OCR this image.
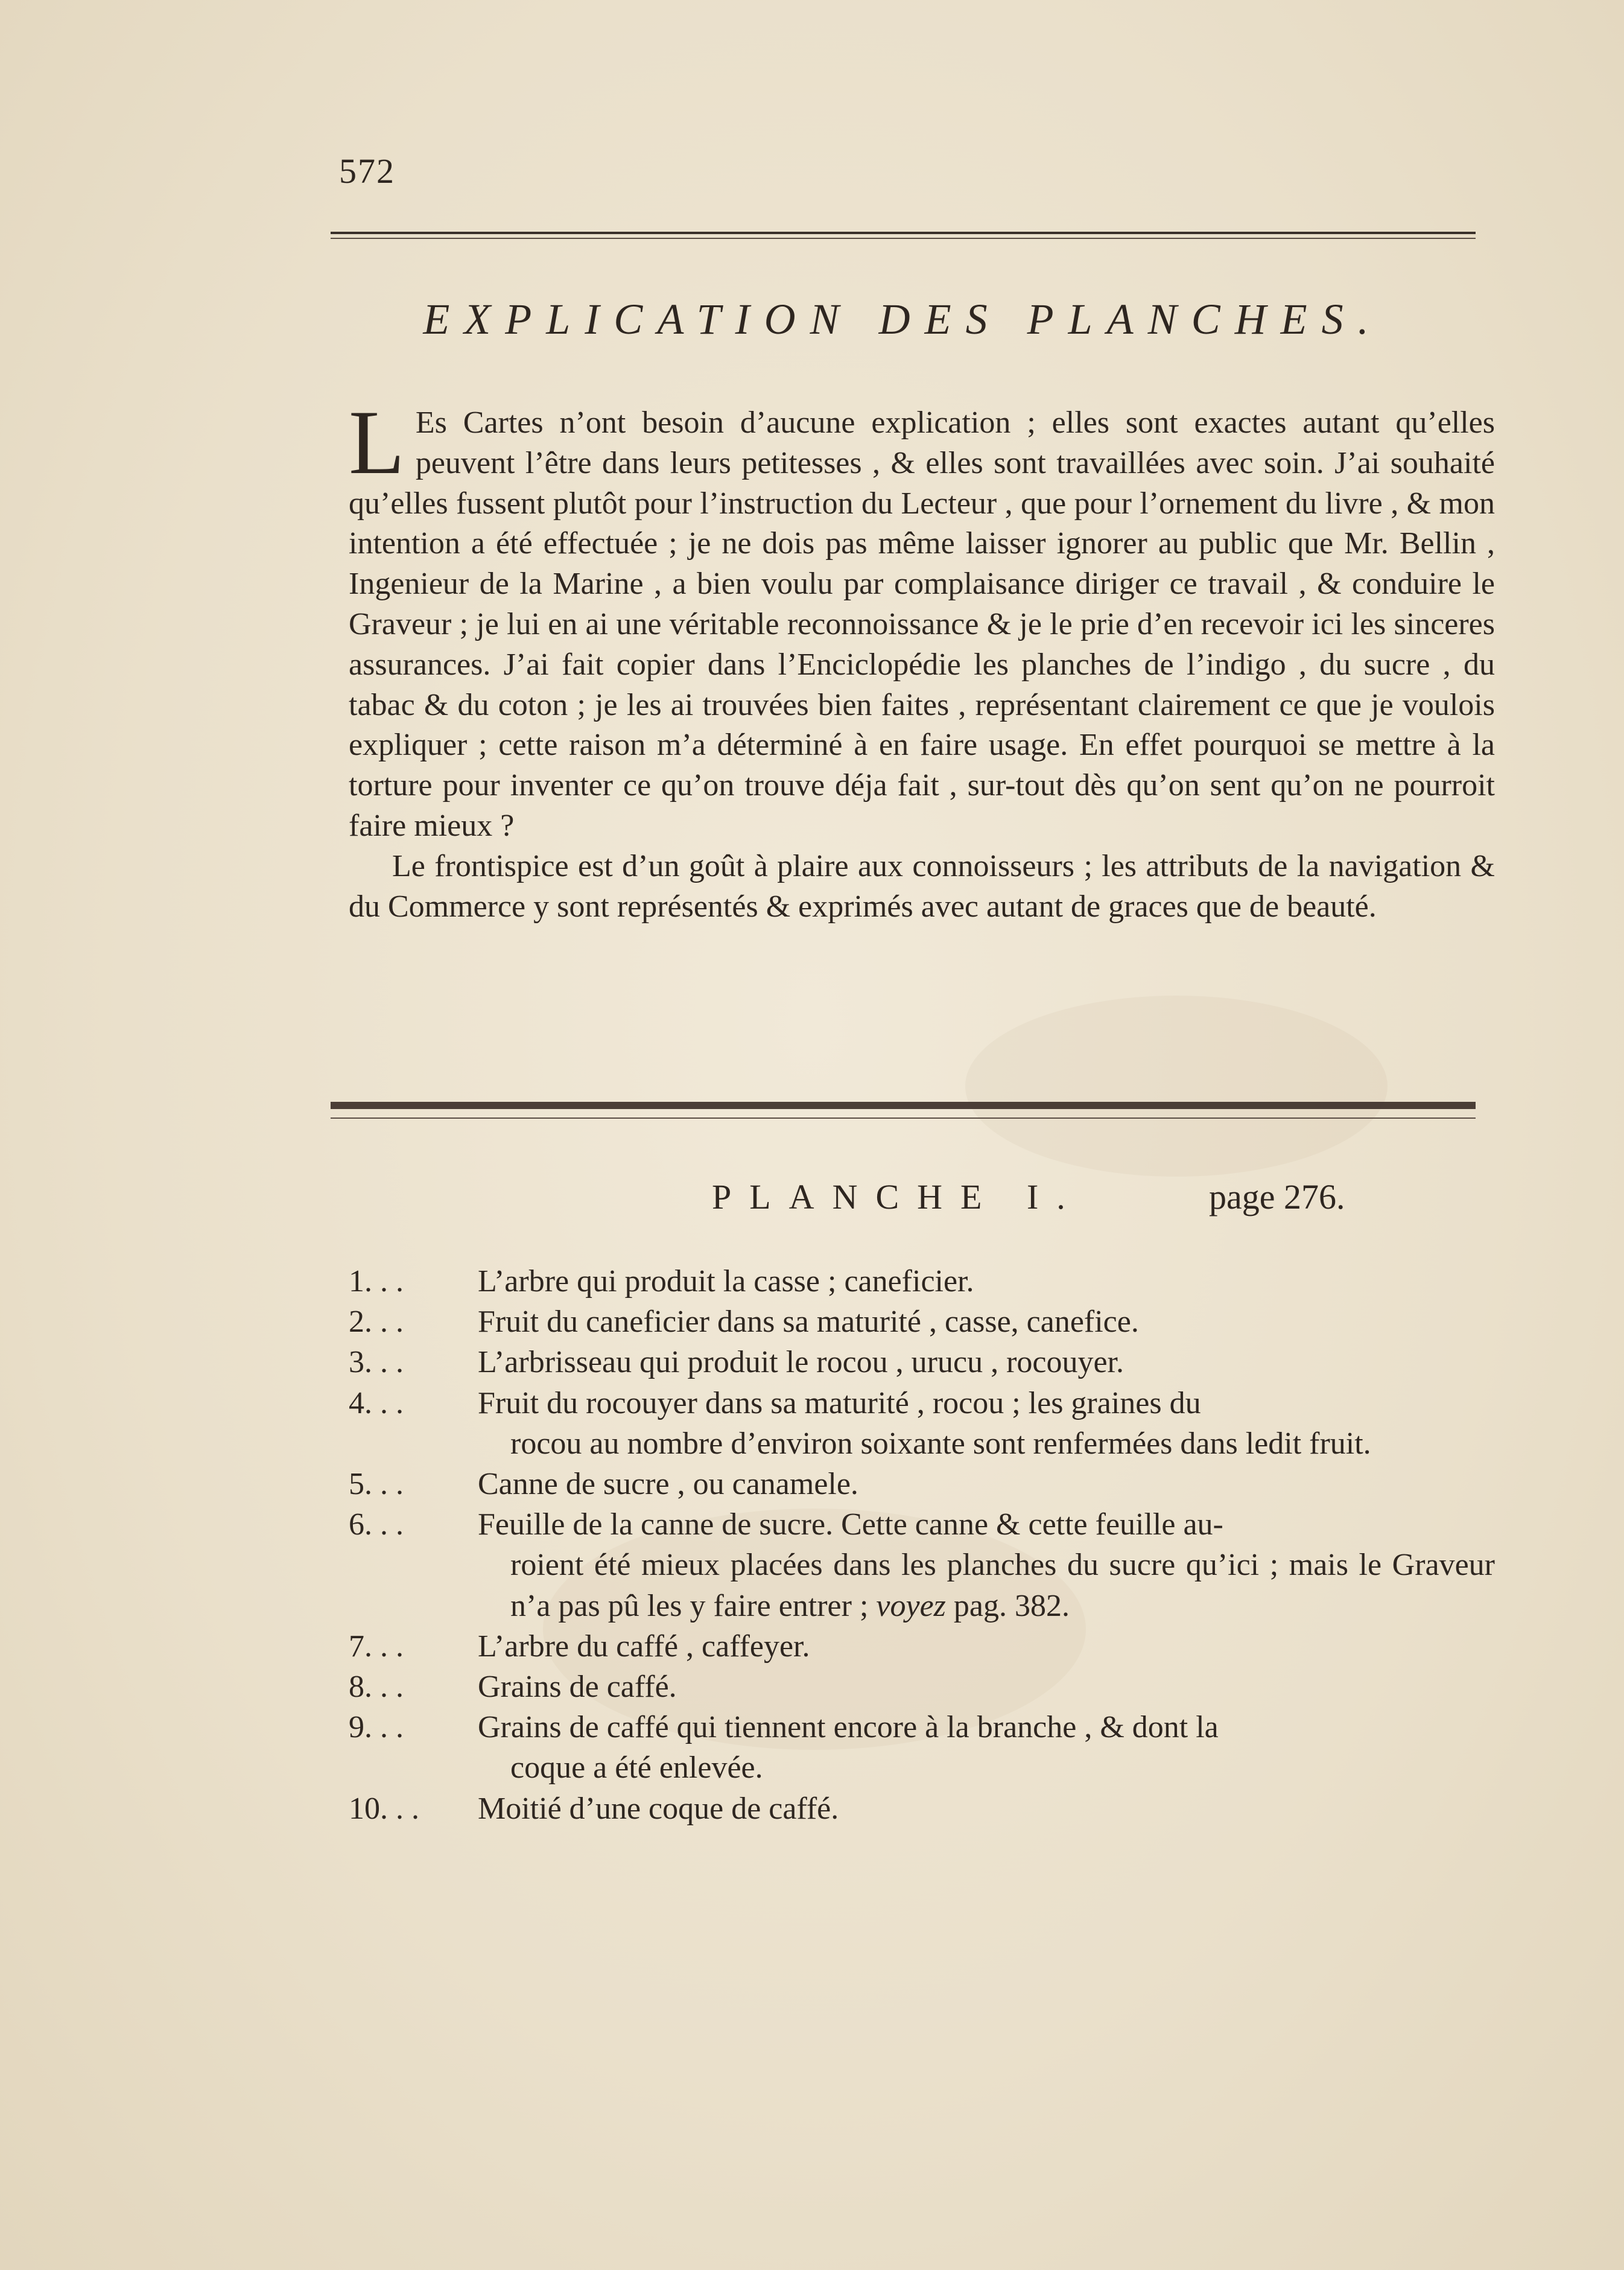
572
EXPLICATION DES PLANCHES.

L Es Cartes n’ont besoin d’aucune explication ; elles sont exactes autant qu’elles peuvent l’être dans leurs petitesses , & elles sont travaillées avec soin. J’ai souhaité qu’elles fussent plutôt pour l’instruction du Lecteur , que pour l’ornement du livre , & mon intention a été effectuée ; je ne dois pas même laisser ignorer au public que Mr. Bellin , Ingenieur de la Marine , a bien voulu par complaisance diriger ce travail , & conduire le Graveur ; je lui en ai une véritable reconnoissance & je le prie d’en recevoir ici les sinceres assurances. J’ai fait copier dans l’Enciclopédie les planches de l’indigo , du sucre , du tabac & du coton ; je les ai trouvées bien faites , représentant clairement ce que je voulois expliquer ; cette raison m’a déterminé à en faire usage. En effet pourquoi se mettre à la torture pour inventer ce qu’on trouve déja fait , sur-tout dès qu’on sent qu’on ne pourroit faire mieux ?

Le frontispice est d’un goût à plaire aux connoisseurs ; les attributs de la navigation & du Commerce y sont représentés & exprimés avec autant de graces que de beauté.

PLANCHE I.	page 276.
1. . .	L’arbre qui produit la casse ; caneficier.
2. . .	Fruit du caneficier dans sa maturité , casse, canefice.
3. . .	L’arbrisseau qui produit le rocou , urucu , rocouyer.
4. . .	Fruit du rocouyer dans sa maturité , rocou ; les graines du
rocou au nombre d’environ soixante sont renfermées dans ledit fruit.
5. . .	Canne de sucre , ou canamele.
6. . .	Feuille de la canne de sucre. Cette canne & cette feuille au-
roient été mieux placées dans les planches du sucre qu’ici ; mais le Graveur n’a pas pû les y faire entrer ; voyez pag. 382.
7. . .	L’arbre du caffé , caffeyer.
8. . .	Grains de caffé.
9. . .	Grains de caffé qui tiennent encore à la branche , & dont la
coque a été enlevée.
10. . .	Moitié d’une coque de caffé.
